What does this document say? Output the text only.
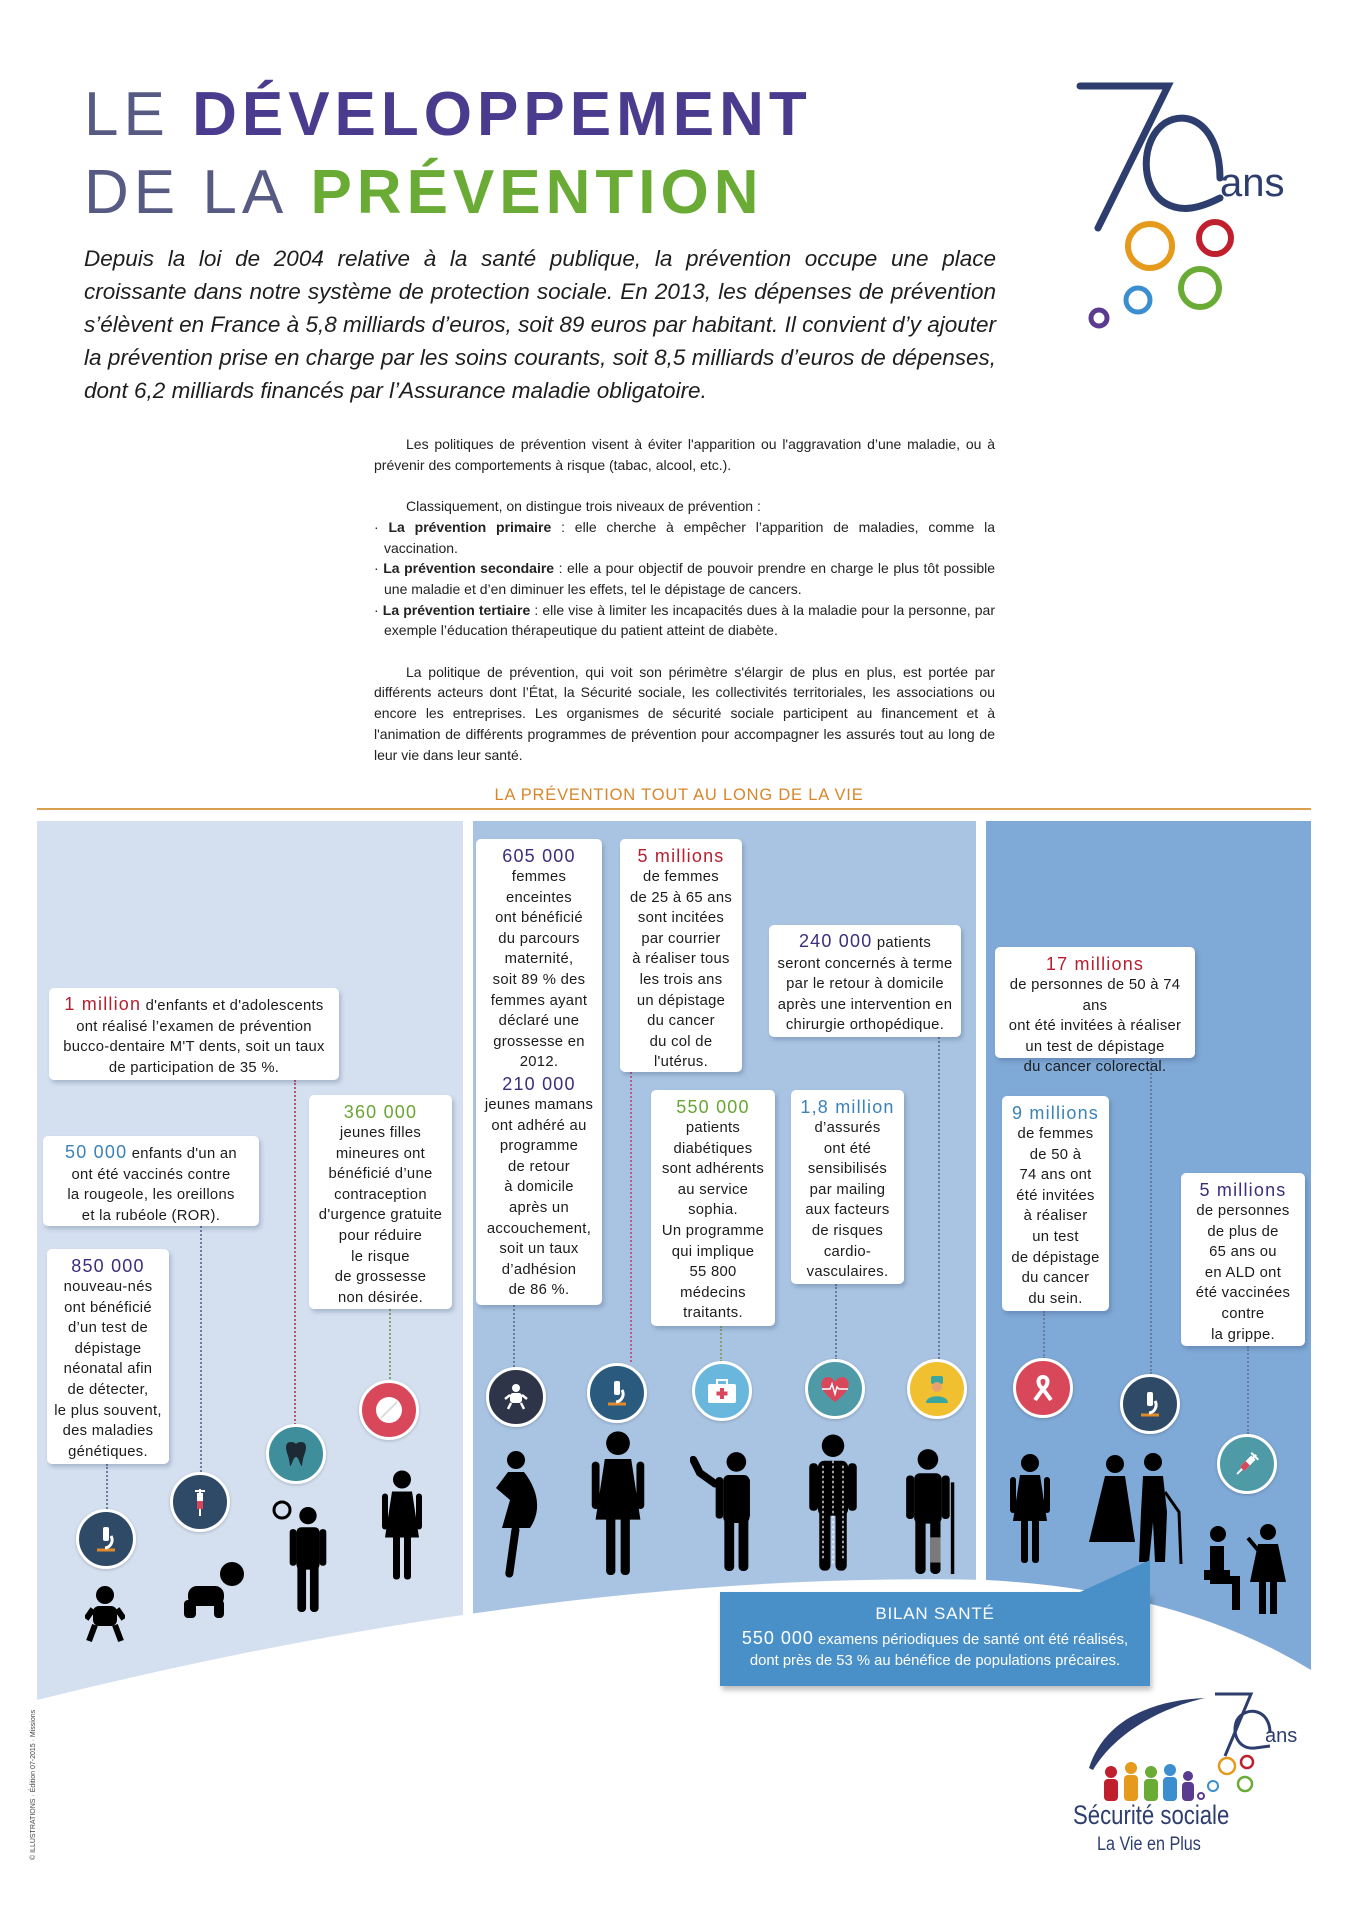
LE DÉVELOPPEMENT
DE LA PRÉVENTION	ans
Depuis la loi de 2004 relative à la santé publique, la prévention occupe une place croissante dans notre système de protection sociale. En 2013, les dépenses de prévention s’élèvent en France à 5,8 milliards d’euros, soit 89 euros par habitant. Il convient d’y ajouter la prévention prise en charge par les soins courants, soit 8,5 milliards d’euros de dépenses, dont 6,2 milliards financés par l’Assurance maladie obligatoire.

Les politiques de prévention visent à éviter l'apparition ou l'aggravation d’une maladie, ou à prévenir des comportements à risque (tabac, alcool, etc.).

Classiquement, on distingue trois niveaux de prévention :

· La prévention primaire : elle cherche à empêcher l’apparition de maladies, comme la vaccination.
· La prévention secondaire : elle a pour objectif de pouvoir prendre en charge le plus tôt possible une maladie et d’en diminuer les effets, tel le dépistage de cancers.
· La prévention tertiaire : elle vise à limiter les incapacités dues à la maladie pour la personne, par exemple l’éducation thérapeutique du patient atteint de diabète.

La politique de prévention, qui voit son périmètre s'élargir de plus en plus, est portée par différents acteurs dont l’État, la Sécurité sociale, les collectivités territoriales, les associations ou encore les entreprises. Les organismes de sécurité sociale participent au financement et à l'animation de différents programmes de prévention pour accompagner les assurés tout au long de leur vie dans leur santé.

LA PRÉVENTION TOUT AU LONG DE LA VIE
1 million d'enfants et d'adolescents
ont réalisé l’examen de prévention
bucco-dentaire M'T dents, soit un taux
de participation de 35 %.
50 000 enfants d'un an
ont été vaccinés contre
la rougeole, les oreillons
et la rubéole (ROR).
850 000
nouveau-nés
ont bénéficié
d’un test de
dépistage
néonatal afin
de détecter,
le plus souvent,
des maladies
génétiques.
360 000
jeunes filles
mineures ont
bénéficié d’une
contraception
d'urgence gratuite
pour réduire
le risque
de grossesse
non désirée.
605 000
femmes
enceintes
ont bénéficié
du parcours
maternité,
soit 89 % des
femmes ayant
déclaré une
grossesse en
2012.
210 000
jeunes mamans
ont adhéré au
programme
de retour
à domicile
après un
accouchement,
soit un taux
d’adhésion
de 86 %.
5 millions
de femmes
de 25 à 65 ans
sont incitées
par courrier
à réaliser tous
les trois ans
un dépistage
du cancer
du col de
l'utérus.
240 000 patients
seront concernés à terme
par le retour à domicile
après une intervention en
chirurgie orthopédique.
550 000
patients
diabétiques
sont adhérents
au service
sophia.
Un programme
qui implique
55 800
médecins
traitants.
1,8 million
d’assurés
ont été
sensibilisés
par mailing
aux facteurs
de risques
cardio-
vasculaires.
17 millions
de personnes de 50 à 74 ans
ont été invitées à réaliser
un test de dépistage
du cancer colorectal.
9 millions
de femmes
de 50 à
74 ans ont
été invitées
à réaliser
un test
de dépistage
du cancer
du sein.
5 millions
de personnes
de plus de
65 ans ou
en ALD ont
été vaccinées
contre
la grippe.
BILAN SANTÉ
550 000 examens périodiques de santé ont été réalisés,
dont près de 53 % au bénéfice de populations précaires.
ans
Sécurité sociale
La Vie en Plus
© ILLUSTRATIONS · Édition 07-2015 · Missions
